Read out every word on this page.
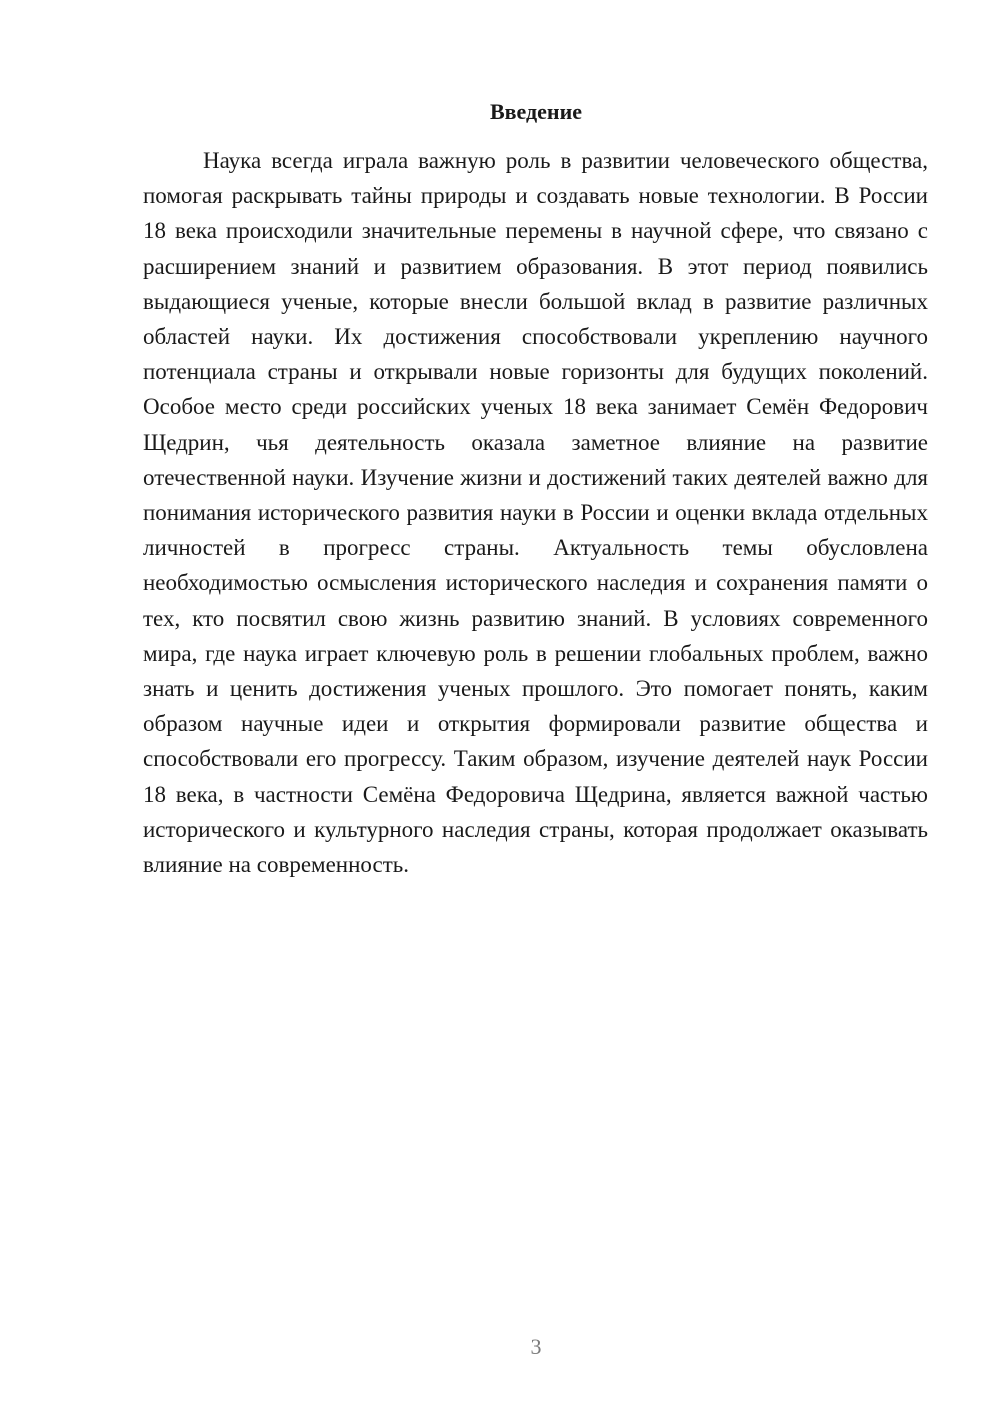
Введение

Наука всегда играла важную роль в развитии человеческого общества, помогая раскрывать тайны природы и создавать новые технологии. В России 18 века происходили значительные перемены в научной сфере, что связано с расширением знаний и развитием образования. В этот период появились выдающиеся ученые, которые внесли большой вклад в развитие различных областей науки. Их достижения способствовали укреплению научного потенциала страны и открывали новые горизонты для будущих поколений. Особое место среди российских ученых 18 века занимает Семён Федорович Щедрин, чья деятельность оказала заметное влияние на развитие отечественной науки. Изучение жизни и достижений таких деятелей важно для понимания исторического развития науки в России и оценки вклада отдельных личностей в прогресс страны. Актуальность темы обусловлена необходимостью осмысления исторического наследия и сохранения памяти о тех, кто посвятил свою жизнь развитию знаний. В условиях современного мира, где наука играет ключевую роль в решении глобальных проблем, важно знать и ценить достижения ученых прошлого. Это помогает понять, каким образом научные идеи и открытия формировали развитие общества и способствовали его прогрессу. Таким образом, изучение деятелей наук России 18 века, в частности Семёна Федоровича Щедрина, является важной частью исторического и культурного наследия страны, которая продолжает оказывать влияние на современность.

3
